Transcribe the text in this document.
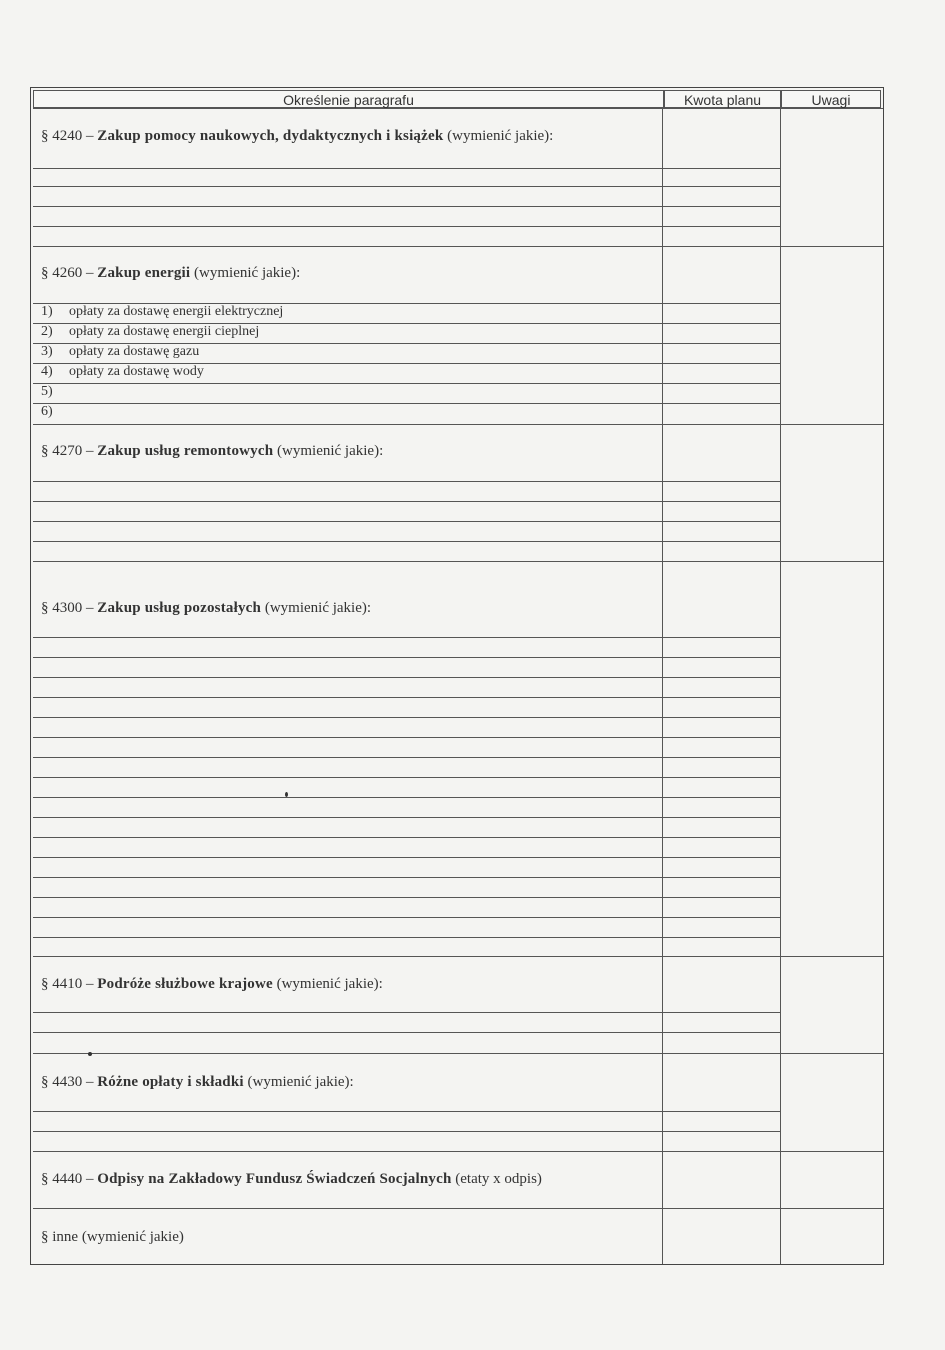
Określenie paragrafu	Kwota planu	Uwagi
§ 4240 – Zakup pomocy naukowych, dydaktycznych i książek (wymienić jakie):
§ 4260 – Zakup energii (wymienić jakie):
1) opłaty za dostawę energii elektrycznej
2) opłaty za dostawę energii cieplnej
3) opłaty za dostawę gazu
4) opłaty za dostawę wody
5)
6)
§ 4270 – Zakup usług remontowych (wymienić jakie):
§ 4300 – Zakup usług pozostałych (wymienić jakie):
§ 4410 – Podróże służbowe krajowe (wymienić jakie):
§ 4430 – Różne opłaty i składki (wymienić jakie):
§ 4440 – Odpisy na Zakładowy Fundusz Świadczeń Socjalnych (etaty x odpis)
§ inne (wymienić jakie)
